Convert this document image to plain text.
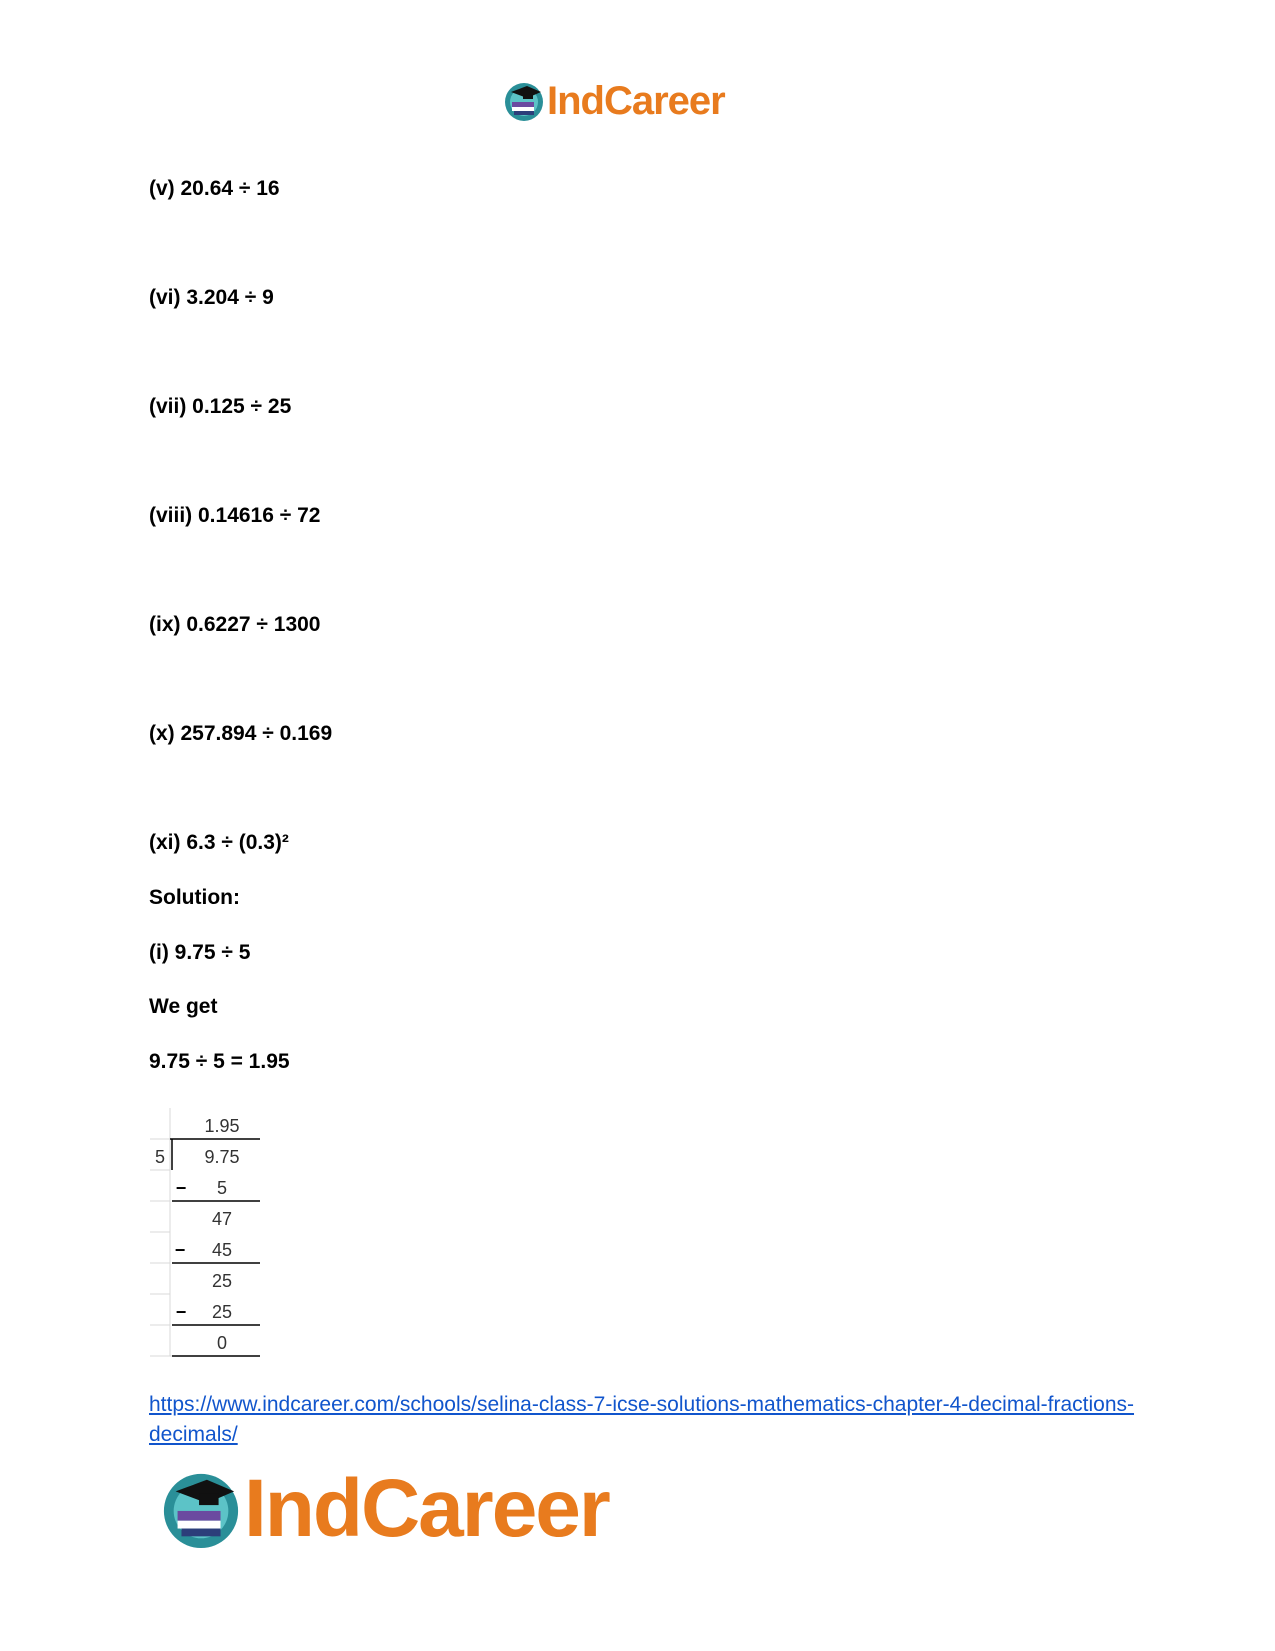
IndCareer
(v) 20.64 ÷ 16
(vi) 3.204 ÷ 9
(vii) 0.125 ÷ 25
(viii) 0.14616 ÷ 72
(ix) 0.6227 ÷ 1300
(x) 257.894 ÷ 0.169
(xi) 6.3 ÷ (0.3)²
Solution:
(i) 9.75 ÷ 5
We get
9.75 ÷ 5 = 1.95
1.95
5 9.75
− 5
47
− 45
25
− 25
0
https://www.indcareer.com/schools/selina-class-7-icse-solutions-mathematics-chapter-4-decimal-fractions-decimals/
IndCareer
